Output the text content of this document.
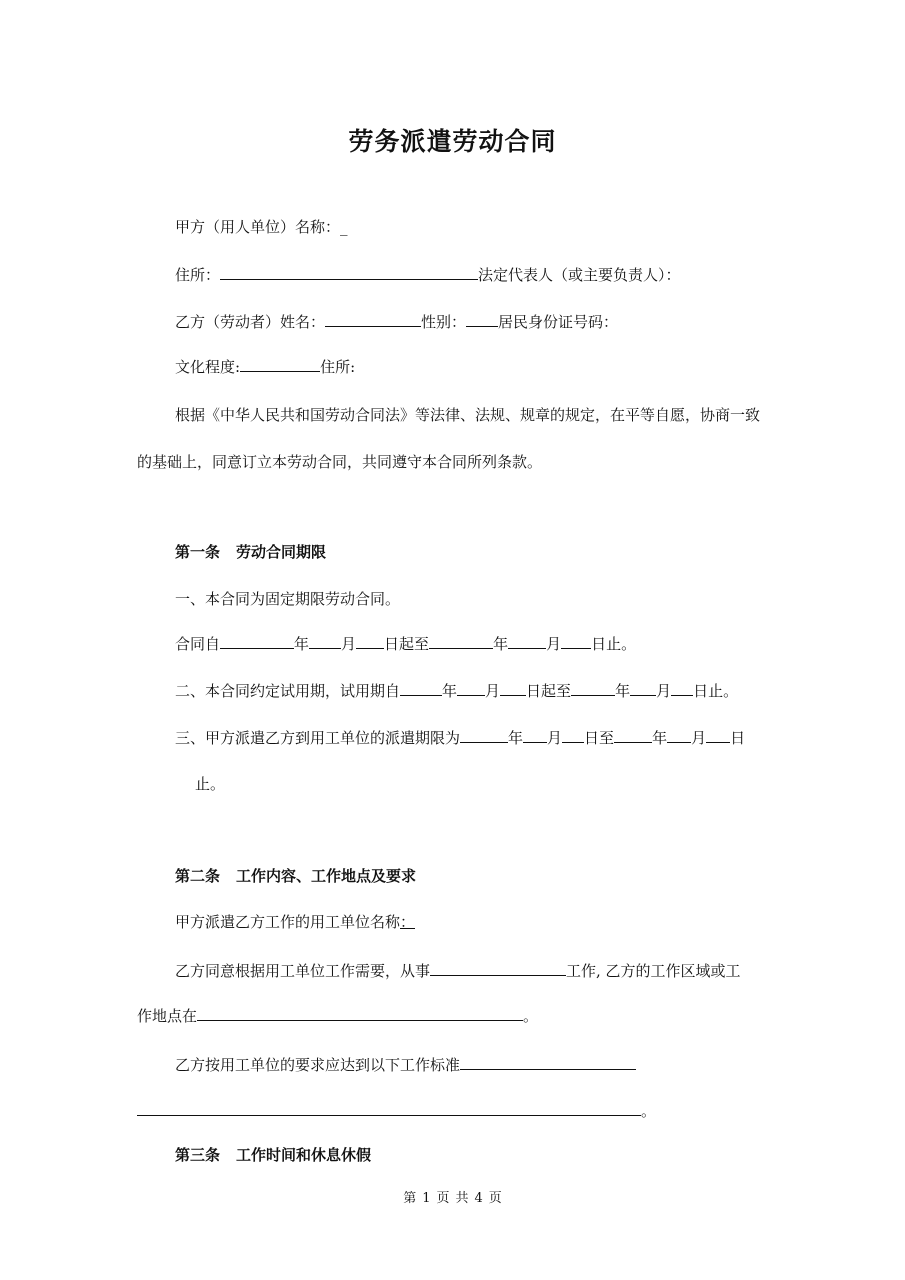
劳务派遣劳动合同
甲方（用人单位）名称：_
住所：	法定代表人（或主要负责人）：
乙方（劳动者）姓名：	性别： 居民身份证号码：
文化程度:	住所:
根据《中华人民共和国劳动合同法》等法律、法规、规章的规定，在平等自愿，协商一致
的基础上，同意订立本劳动合同，共同遵守本合同所列条款。
第一条 劳动合同期限
一、本合同为固定期限劳动合同。
合同自	年 月 日起至	年	月 日止。
二、本合同约定试用期，试用期自	年 月 日起至	年 月 日止。
三、甲方派遣乙方到用工单位的派遣期限为	年 月 日至	年 月 日
止。
第二条 工作内容、工作地点及要求
甲方派遣乙方工作的用工单位名称：
乙方同意根据用工单位工作需要，从事	工作, 乙方的工作区域或工
作地点在	。
乙方按用工单位的要求应达到以下工作标准
。
第三条 工作时间和休息休假
第 1 页 共 4 页
